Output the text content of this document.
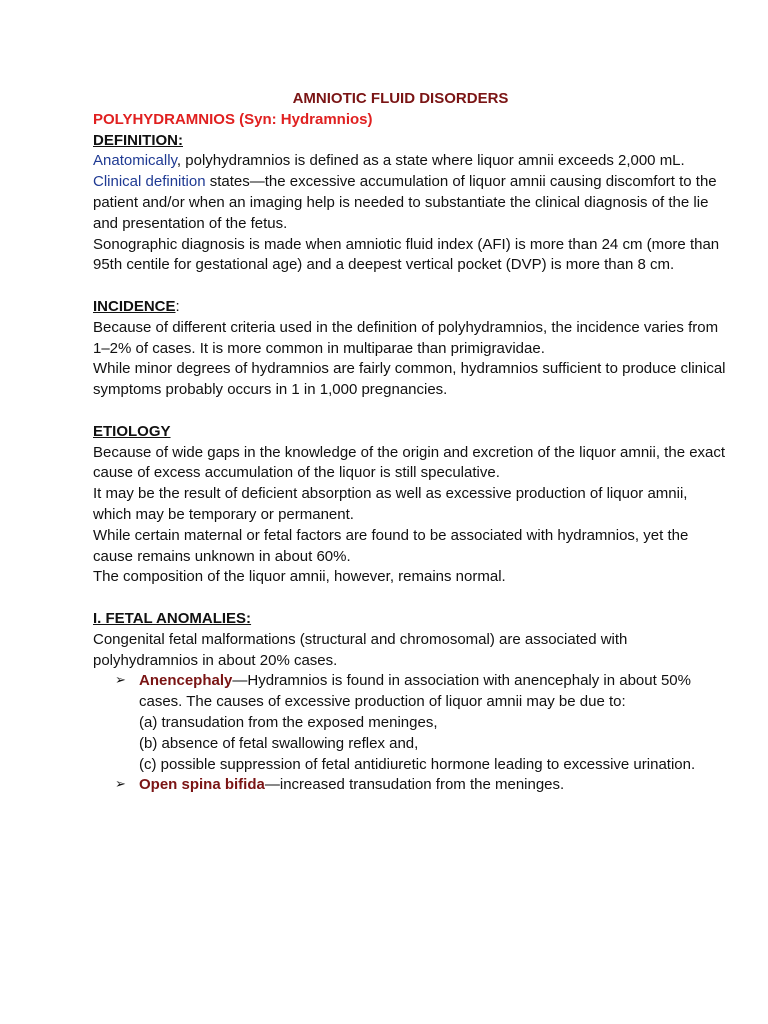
AMNIOTIC FLUID DISORDERS

POLYHYDRAMNIOS (Syn: Hydramnios)

DEFINITION:

Anatomically, polyhydramnios is defined as a state where liquor amnii exceeds 2,000 mL.

Clinical definition states—the excessive accumulation of liquor amnii causing discomfort to the patient and/or when an imaging help is needed to substantiate the clinical diagnosis of the lie and presentation of the fetus.

Sonographic diagnosis is made when amniotic fluid index (AFI) is more than 24 cm (more than 95th centile for gestational age) and a deepest vertical pocket (DVP) is more than 8 cm.

INCIDENCE:

Because of different criteria used in the definition of polyhydramnios, the incidence varies from 1–2% of cases. It is more common in multiparae than primigravidae.

While minor degrees of hydramnios are fairly common, hydramnios sufficient to produce clinical symptoms probably occurs in 1 in 1,000 pregnancies.

ETIOLOGY

Because of wide gaps in the knowledge of the origin and excretion of the liquor amnii, the exact cause of excess accumulation of the liquor is still speculative.

It may be the result of deficient absorption as well as excessive production of liquor amnii, which may be temporary or permanent.

While certain maternal or fetal factors are found to be associated with hydramnios, yet the cause remains unknown in about 60%.

The composition of the liquor amnii, however, remains normal.

I. FETAL ANOMALIES:

Congenital fetal malformations (structural and chromosomal) are associated with polyhydramnios in about 20% cases.

➢ Anencephaly—Hydramnios is found in association with anencephaly in about 50% cases. The causes of excessive production of liquor amnii may be due to:

(a) transudation from the exposed meninges,

(b) absence of fetal swallowing reflex and,

(c) possible suppression of fetal antidiuretic hormone leading to excessive urination.

➢ Open spina bifida—increased transudation from the meninges.
